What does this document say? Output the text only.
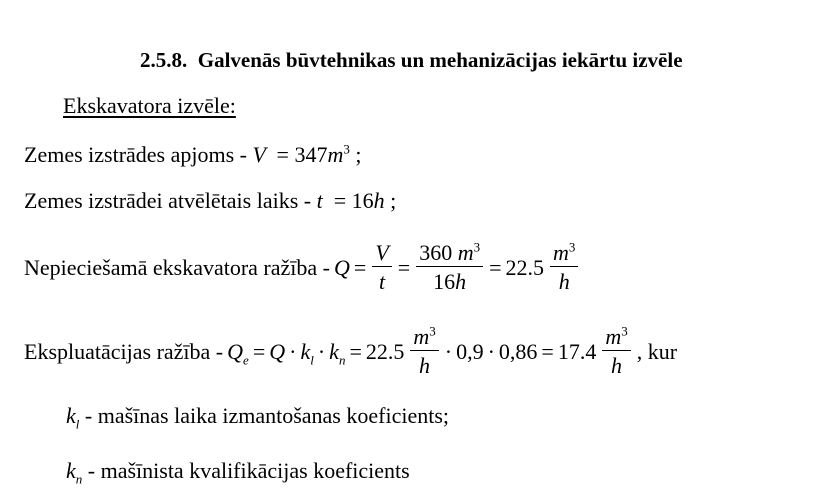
2.5.8. Galvenās būvtehnikas un mehanizācijas iekārtu izvēle
Ekskavatora izvēle:
Zemes izstrādes apjoms - $V = 347m^3$ ;
Zemes izstrādei atvēlētais laiks - t  = 16h ;
Nepieciešamā ekskavatora ražība - $Q = \frac{V}{t} = \frac{360 m^3}{16h} = 22.5 \frac{m^3}{h}$
Ekspluatācijas ražība - $Q_e = Q \cdot k_l \cdot k_n = 22.5 \frac{m^3}{h} \cdot 0,9 \cdot 0,86 = 17.4 \frac{m^3}{h}$ , kur
$k_l$ - mašīnas laika izmantošanas koeficients;
$k_n$ - mašīnista kvalifikācijas koeficients
